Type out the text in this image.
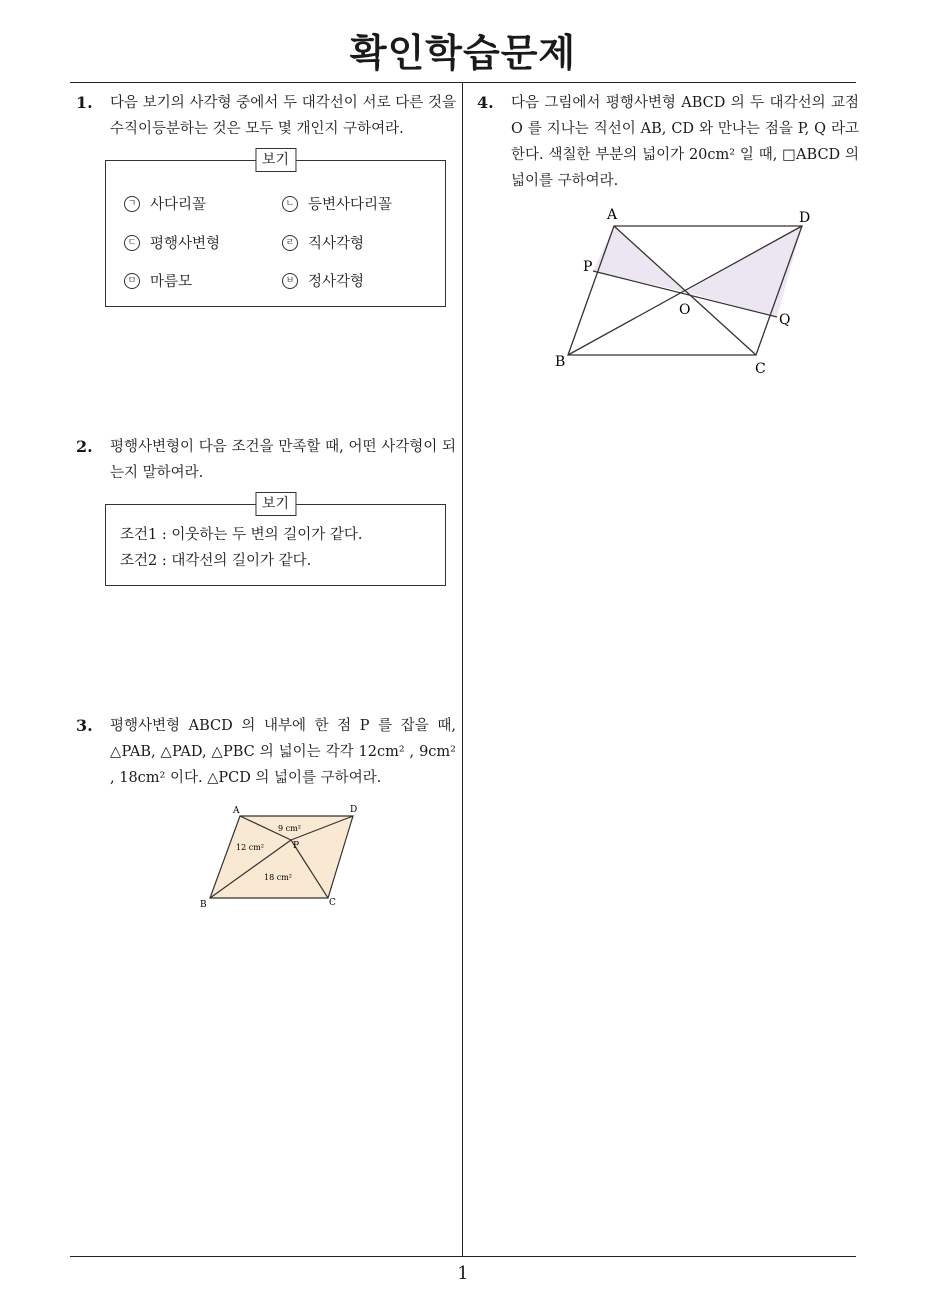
확인학습문제
1
1. 다음 보기의 사각형 중에서 두 대각선이 서로 다른 것을 수직이등분하는 것은 모두 몇 개인지 구하여라.
보기
ㄱ 사다리꼴	ㄴ 등변사다리꼴
ㄷ 평행사변형	ㄹ 직사각형
ㅁ 마름모	ㅂ 정사각형
2. 평행사변형이 다음 조건을 만족할 때, 어떤 사각형이 되는지 말하여라.
보기
조건1 : 이웃하는 두 변의 길이가 같다.
조건2 : 대각선의 길이가 같다.
3. 평행사변형 ABCD 의 내부에 한 점 P 를 잡을 때, △PAB, △PAD, △PBC 의 넓이는 각각 12cm² , 9cm² , 18cm² 이다. △PCD 의 넓이를 구하여라.
A	D
B	C
P
9 cm²
12 cm²
18 cm²
4. 다음 그림에서 평행사변형 ABCD 의 두 대각선의 교점 O 를 지나는 직선이 AB, CD 와 만나는 점을 P, Q 라고 한다. 색칠한 부분의 넓이가 20cm² 일 때, □ABCD 의 넓이를 구하여라.
A	D
P
O
Q
B	C
